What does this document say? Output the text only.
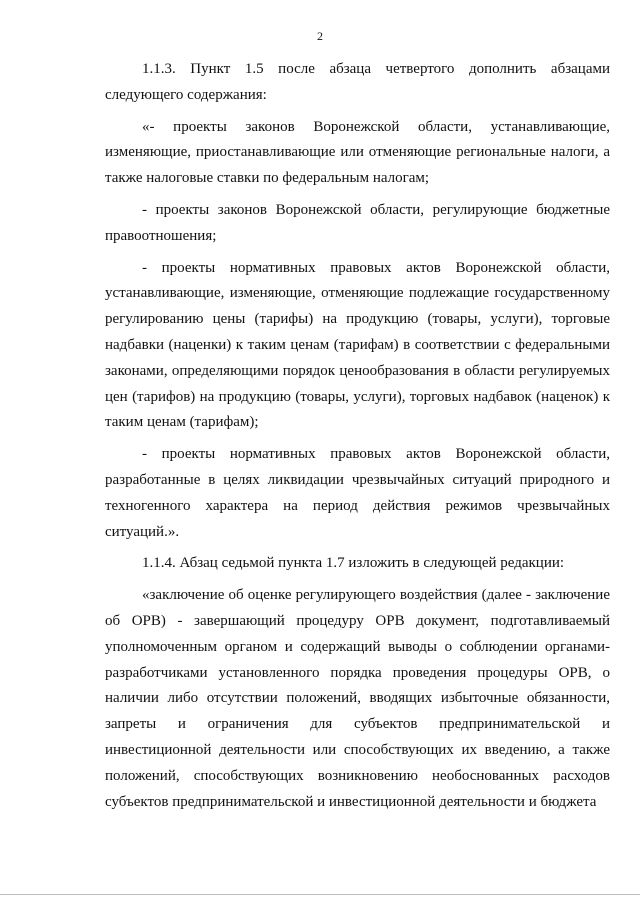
2

1.1.3. Пункт 1.5 после абзаца четвертого дополнить абзацами следующего содержания:

«- проекты законов Воронежской области, устанавливающие, изменяющие, приостанавливающие или отменяющие региональные налоги, а также налоговые ставки по федеральным налогам;

- проекты законов Воронежской области, регулирующие бюджетные правоотношения;

- проекты нормативных правовых актов Воронежской области, устанавливающие, изменяющие, отменяющие подлежащие государственному регулированию цены (тарифы) на продукцию (товары, услуги), торговые надбавки (наценки) к таким ценам (тарифам) в соответствии с федеральными законами, определяющими порядок ценообразования в области регулируемых цен (тарифов) на продукцию (товары, услуги), торговых надбавок (наценок) к таким ценам (тарифам);

- проекты нормативных правовых актов Воронежской области, разработанные в целях ликвидации чрезвычайных ситуаций природного и техногенного характера на период действия режимов чрезвычайных ситуаций.».

1.1.4. Абзац седьмой пункта 1.7 изложить в следующей редакции:

«заключение об оценке регулирующего воздействия (далее - заключение об ОРВ) - завершающий процедуру ОРВ документ, подготавливаемый уполномоченным органом и содержащий выводы о соблюдении органами-разработчиками установленного порядка проведения процедуры ОРВ, о наличии либо отсутствии положений, вводящих избыточные обязанности, запреты и ограничения для субъектов предпринимательской и инвестиционной деятельности или способствующих их введению, а также положений, способствующих возникновению необоснованных расходов субъектов предпринимательской и инвестиционной деятельности и бюджета
